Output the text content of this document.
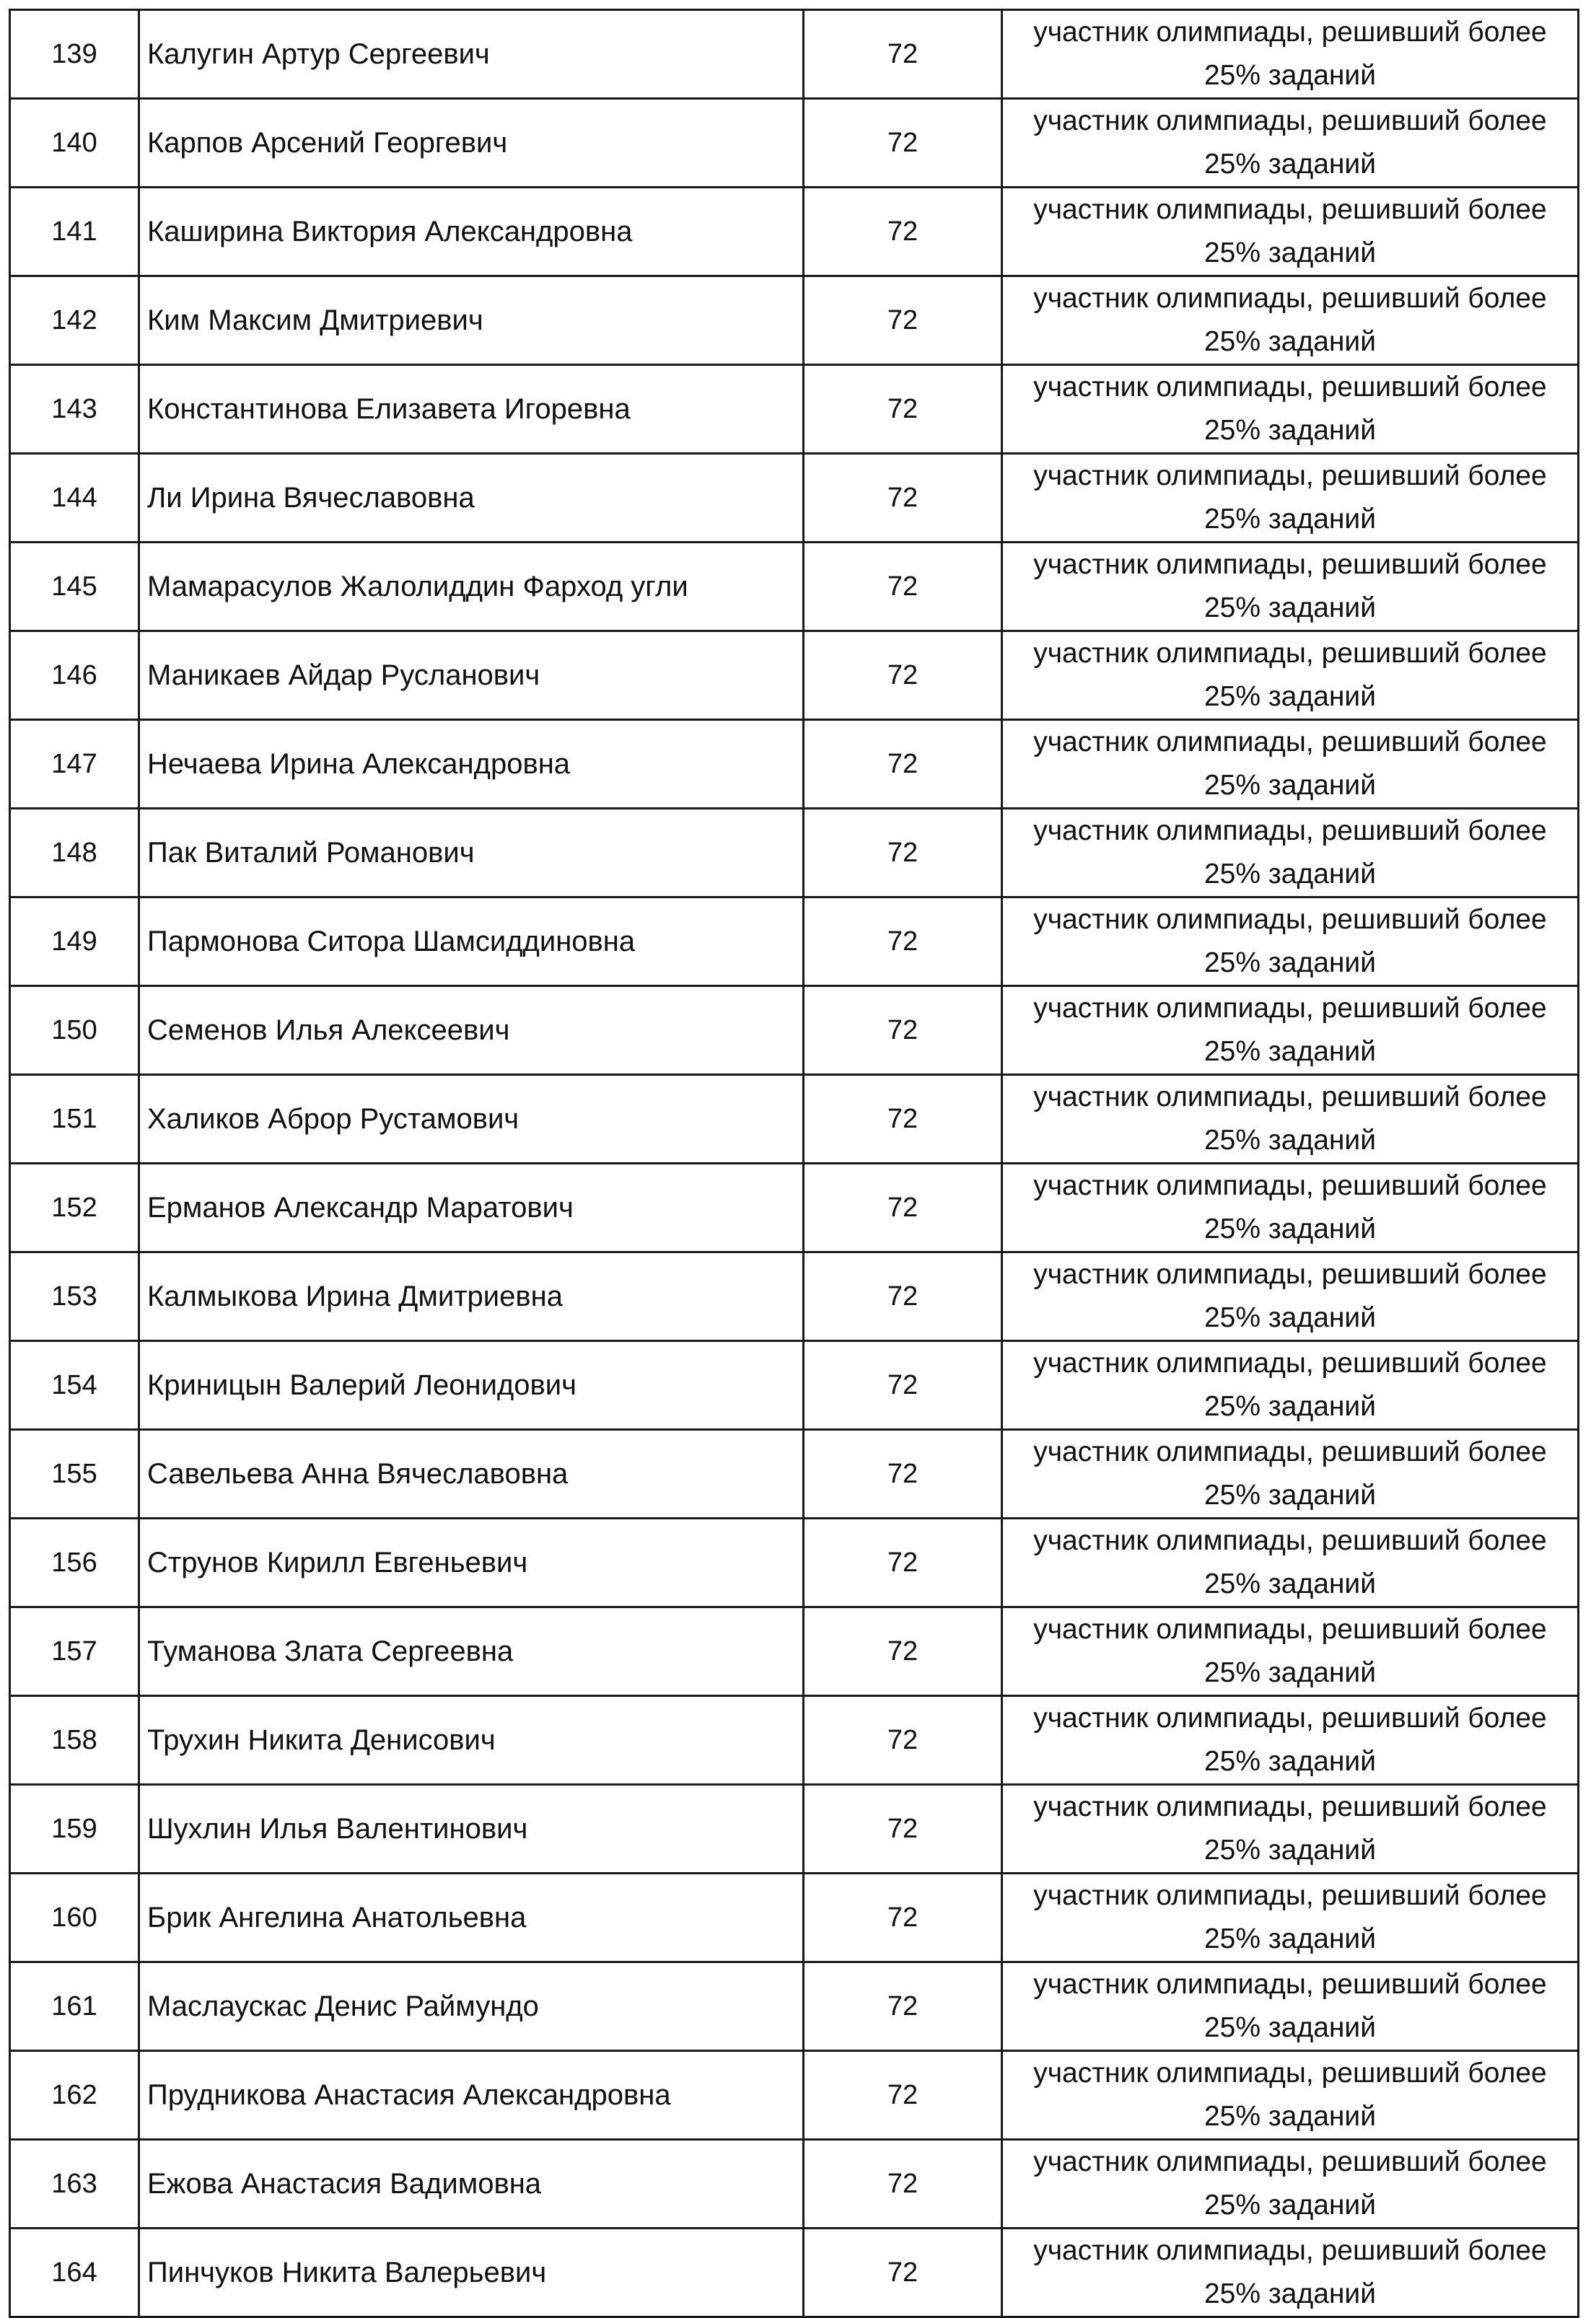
139	Калугин Артур Сергеевич	72	участник олимпиады, решивший более
25% заданий

140	Карпов Арсений Георгевич	72	участник олимпиады, решивший более
25% заданий

141	Каширина Виктория Александровна	72	участник олимпиады, решивший более
25% заданий

142	Ким Максим Дмитриевич	72	участник олимпиады, решивший более
25% заданий

143	Константинова Елизавета Игоревна	72	участник олимпиады, решивший более
25% заданий

144	Ли Ирина Вячеславовна	72	участник олимпиады, решивший более
25% заданий

145	Мамарасулов Жалолиддин Фарход угли	72	участник олимпиады, решивший более
25% заданий

146	Маникаев Айдар Русланович	72	участник олимпиады, решивший более
25% заданий

147	Нечаева Ирина Александровна	72	участник олимпиады, решивший более
25% заданий

148	Пак Виталий Романович	72	участник олимпиады, решивший более
25% заданий

149	Пармонова Ситора Шамсиддиновна	72	участник олимпиады, решивший более
25% заданий

150	Семенов Илья Алексеевич	72	участник олимпиады, решивший более
25% заданий

151	Халиков Аброр Рустамович	72	участник олимпиады, решивший более
25% заданий

152	Ерманов Александр Маратович	72	участник олимпиады, решивший более
25% заданий

153	Калмыкова Ирина Дмитриевна	72	участник олимпиады, решивший более
25% заданий

154	Криницын Валерий Леонидович	72	участник олимпиады, решивший более
25% заданий

155	Савельева Анна Вячеславовна	72	участник олимпиады, решивший более
25% заданий

156	Струнов Кирилл Евгеньевич	72	участник олимпиады, решивший более
25% заданий

157	Туманова Злата Сергеевна	72	участник олимпиады, решивший более
25% заданий

158	Трухин Никита Денисович	72	участник олимпиады, решивший более
25% заданий

159	Шухлин Илья Валентинович	72	участник олимпиады, решивший более
25% заданий

160	Брик Ангелина Анатольевна	72	участник олимпиады, решивший более
25% заданий

161	Маслаускас Денис Раймундо	72	участник олимпиады, решивший более
25% заданий

162	Прудникова Анастасия Александровна	72	участник олимпиады, решивший более
25% заданий

163	Ежова Анастасия Вадимовна	72	участник олимпиады, решивший более
25% заданий

164	Пинчуков Никита Валерьевич	72	участник олимпиады, решивший более
25% заданий
